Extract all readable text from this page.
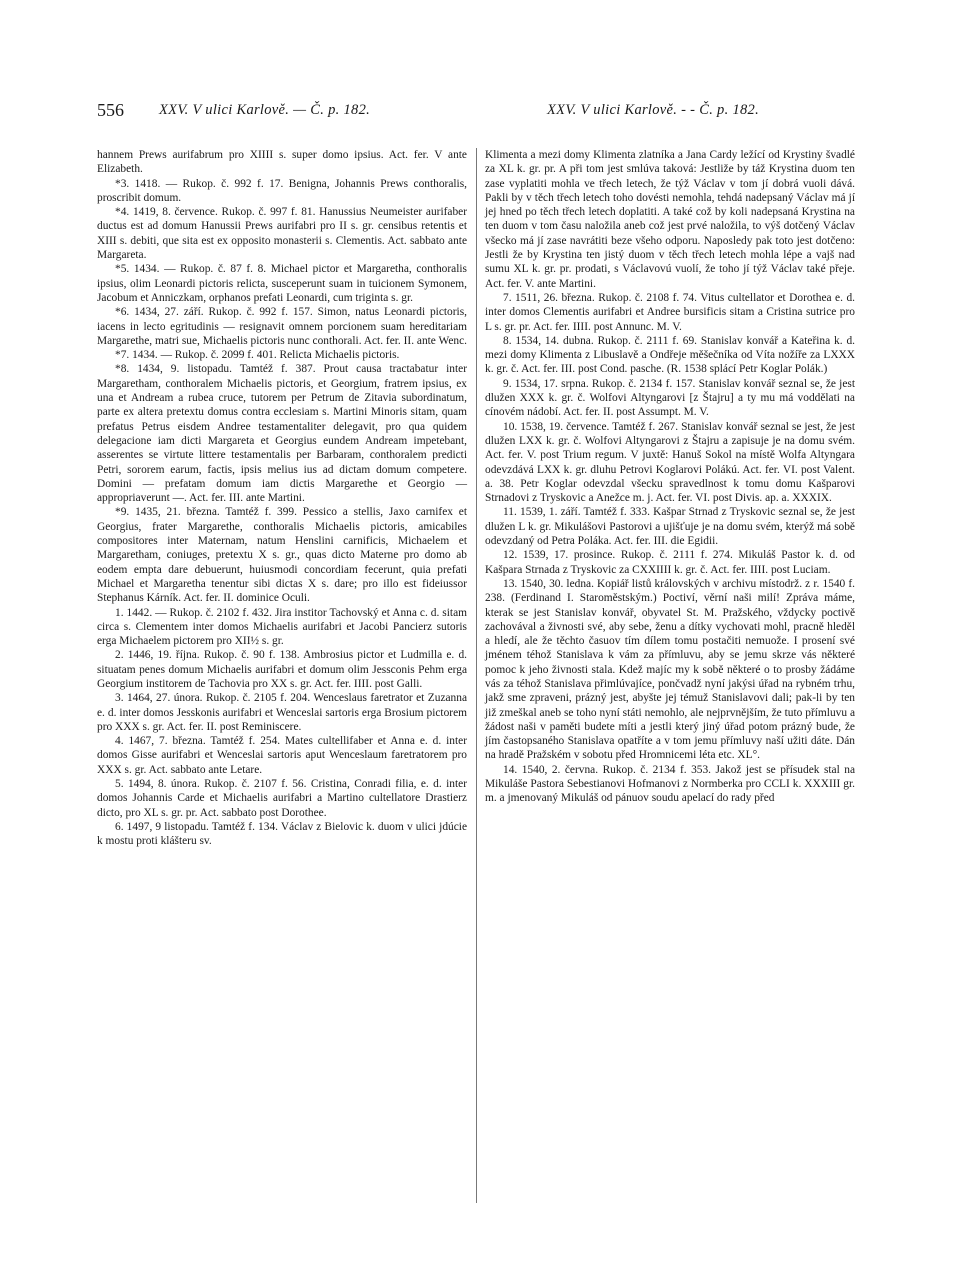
556 XXV. V ulici Karlově. — Č. p. 182.	XXV. V ulici Karlově. - - Č. p. 182.

hannem Prews aurifabrum pro XIIII s. super domo ipsius. Act. fer. V ante Elizabeth.

*3. 1418. — Rukop. č. 992 f. 17. Benigna, Johannis Prews conthoralis, proscribit domum.

*4. 1419, 8. července. Rukop. č. 997 f. 81. Hanussius Neumeister aurifaber ductus est ad domum Hanussii Prews aurifabri pro II s. gr. censibus retentis et XIII s. debiti, que sita est ex opposito monasterii s. Clementis. Act. sabbato ante Margareta.

*5. 1434. — Rukop. č. 87 f. 8. Michael pictor et Margaretha, conthoralis ipsius, olim Leonardi pictoris relicta, susceperunt suam in tuicionem Symonem, Jacobum et Anniczkam, orphanos prefati Leonardi, cum triginta s. gr.

*6. 1434, 27. září. Rukop. č. 992 f. 157. Simon, natus Leonardi pictoris, iacens in lecto egritudinis — resignavit omnem porcionem suam hereditariam Margarethe, matri sue, Michaelis pictoris nunc conthorali. Act. fer. II. ante Wenc.

*7. 1434. — Rukop. č. 2099 f. 401. Relicta Michaelis pictoris.

*8. 1434, 9. listopadu. Tamtéž f. 387. Prout causa tractabatur inter Margaretham, conthoralem Michaelis pictoris, et Georgium, fratrem ipsius, ex una et Andream a rubea cruce, tutorem per Petrum de Zitavia subordinatum, parte ex altera pretextu domus contra ecclesiam s. Martini Minoris sitam, quam prefatus Petrus eisdem Andree testamentaliter delegavit, pro qua quidem delegacione iam dicti Margareta et Georgius eundem Andream impetebant, asserentes se virtute littere testamentalis per Barbaram, conthoralem predicti Petri, sororem earum, factis, ipsis melius ius ad dictam domum competere. Domini — prefatam domum iam dictis Margarethe et Georgio — appropriaverunt —. Act. fer. III. ante Martini.

*9. 1435, 21. března. Tamtéž f. 399. Pessico a stellis, Jaxo carnifex et Georgius, frater Margarethe, conthoralis Michaelis pictoris, amicabiles compositores inter Maternam, natum Henslini carnificis, Michaelem et Margaretham, coniuges, pretextu X s. gr., quas dicto Materne pro domo ab eodem empta dare debuerunt, huiusmodi concordiam fecerunt, quia prefati Michael et Margaretha tenentur sibi dictas X s. dare; pro illo est fideiussor Stephanus Kárník. Act. fer. II. dominice Oculi.

1. 1442. — Rukop. č. 2102 f. 432. Jira institor Tachovský et Anna c. d. sitam circa s. Clementem inter domos Michaelis aurifabri et Jacobi Pancierz sutoris erga Michaelem pictorem pro XII½ s. gr.

2. 1446, 19. října. Rukop. č. 90 f. 138. Ambrosius pictor et Ludmilla e. d. situatam penes domum Michaelis aurifabri et domum olim Jessconis Pehm erga Georgium institorem de Tachovia pro XX s. gr. Act. fer. IIII. post Galli.

3. 1464, 27. února. Rukop. č. 2105 f. 204. Wenceslaus faretrator et Zuzanna e. d. inter domos Jesskonis aurifabri et Wenceslai sartoris erga Brosium pictorem pro XXX s. gr. Act. fer. II. post Reminiscere.

4. 1467, 7. března. Tamtéž f. 254. Mates cultellifaber et Anna e. d. inter domos Gisse aurifabri et Wenceslai sartoris aput Wenceslaum faretratorem pro XXX s. gr. Act. sabbato ante Letare.

5. 1494, 8. února. Rukop. č. 2107 f. 56. Cristina, Conradi filia, e. d. inter domos Johannis Carde et Michaelis aurifabri a Martino cultellatore Drastierz dicto, pro XL s. gr. pr. Act. sabbato post Dorothee.

6. 1497, 9 listopadu. Tamtéž f. 134. Václav z Bielovic k. duom v ulici jdúcie k mostu proti klášteru sv.

Klimenta a mezi domy Klimenta zlatníka a Jana Cardy ležící od Krystiny švadlé za XL k. gr. pr. A při tom jest smlúva taková: Jestliže by táž Krystina duom ten zase vyplatiti mohla ve třech letech, že týž Václav v tom jí dobrá vuoli dává. Pakli by v těch třech letech toho dovésti nemohla, tehdá nadepsaný Václav má jí jej hned po těch třech letech doplatiti. A také což by koli nadepsaná Krystina na ten duom v tom času naložila aneb což jest prvé naložila, to výš dotčený Václav všecko má jí zase navrátiti beze všeho odporu. Naposledy pak toto jest dotčeno: Jestli že by Krystina ten jistý duom v těch třech letech mohla lépe a vajš nad sumu XL k. gr. pr. prodati, s Václavovú vuolí, že toho jí týž Václav také přeje. Act. fer. V. ante Martini.

7. 1511, 26. března. Rukop. č. 2108 f. 74. Vitus cultellator et Dorothea e. d. inter domos Clementis aurifabri et Andree bursificis sitam a Cristina sutrice pro L s. gr. pr. Act. fer. IIII. post Annunc. M. V.

8. 1534, 14. dubna. Rukop. č. 2111 f. 69. Stanislav konvář a Kateřina k. d. mezi domy Klimenta z Libuslavě a Ondřeje měšečníka od Víta nožíře za LXXX k. gr. č. Act. fer. III. post Cond. pasche. (R. 1538 splácí Petr Koglar Polák.)

9. 1534, 17. srpna. Rukop. č. 2134 f. 157. Stanislav konvář seznal se, že jest dlužen XXX k. gr. č. Wolfovi Altyngarovi [z Štajru] a ty mu má voddělati na cínovém nádobí. Act. fer. II. post Assumpt. M. V.

10. 1538, 19. července. Tamtéž f. 267. Stanislav konvář seznal se jest, že jest dlužen LXX k. gr. č. Wolfovi Altyngarovi z Štajru a zapisuje je na domu svém. Act. fer. V. post Trium regum. V juxtě: Hanuš Sokol na místě Wolfa Altyngara odevzdává LXX k. gr. dluhu Petrovi Koglarovi Polákú. Act. fer. VI. post Valent. a. 38. Petr Koglar odevzdal všecku spravedlnost k tomu domu Kašparovi Strnadovi z Tryskovic a Anežce m. j. Act. fer. VI. post Divis. ap. a. XXXIX.

11. 1539, 1. září. Tamtéž f. 333. Kašpar Strnad z Tryskovic seznal se, že jest dlužen L k. gr. Mikulášovi Pastorovi a ujišťuje je na domu svém, kterýž má sobě odevzdaný od Petra Poláka. Act. fer. III. die Egidii.

12. 1539, 17. prosince. Rukop. č. 2111 f. 274. Mikuláš Pastor k. d. od Kašpara Strnada z Tryskovic za CXXIIII k. gr. č. Act. fer. IIII. post Luciam.

13. 1540, 30. ledna. Kopiář listů královských v archivu místodrž. z r. 1540 f. 238. (Ferdinand I. Staroměstským.) Poctiví, věrní naši milí! Zpráva máme, kterak se jest Stanislav konvář, obyvatel St. M. Pražského, vždycky poctivě zachovával a živnosti své, aby sebe, ženu a dítky vychovati mohl, pracně hleděl a hledí, ale že těchto časuov tím dílem tomu postačiti nemuože. I prosení své jménem téhož Stanislava k vám za přímluvu, aby se jemu skrze vás některé pomoc k jeho živnosti stala. Kdež majíc my k sobě některé o to prosby žádáme vás za téhož Stanislava přimlúvajíce, pončvadž nyní jakýsi úřad na rybném trhu, jakž sme zpraveni, prázný jest, abyšte jej témuž Stanislavovi dali; pak-li by ten již zmeškal aneb se toho nyní státi nemohlo, ale nejprvnějším, že tuto přímluvu a žádost naši v paměti budete míti a jestli který jiný úřad potom prázný bude, že jím častopsaného Stanislava opatříte a v tom jemu přímluvy naší užiti dáte. Dán na hradě Pražském v sobotu před Hromnicemi léta etc. XL°.

14. 1540, 2. června. Rukop. č. 2134 f. 353. Jakož jest se přísudek stal na Mikuláše Pastora Sebestianovi Hofmanovi z Normberka pro CCLI k. XXXIII gr. m. a jmenovaný Mikuláš od pánuov soudu apelací do rady před
